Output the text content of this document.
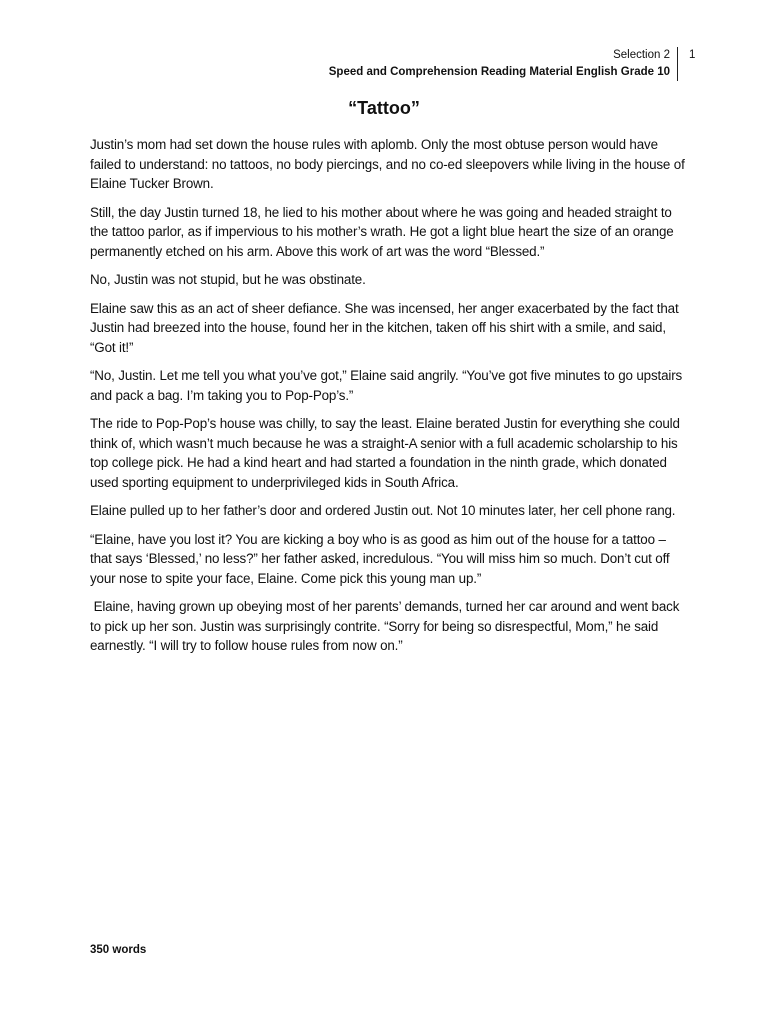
Selection 2
Speed and Comprehension Reading Material English Grade 10
1
“Tattoo”

Justin’s mom had set down the house rules with aplomb. Only the most obtuse person would have failed to understand: no tattoos, no body piercings, and no co-ed sleepovers while living in the house of Elaine Tucker Brown.

Still, the day Justin turned 18, he lied to his mother about where he was going and headed straight to the tattoo parlor, as if impervious to his mother’s wrath. He got a light blue heart the size of an orange permanently etched on his arm. Above this work of art was the word “Blessed.”

No, Justin was not stupid, but he was obstinate.

Elaine saw this as an act of sheer defiance. She was incensed, her anger exacerbated by the fact that Justin had breezed into the house, found her in the kitchen, taken off his shirt with a smile, and said, “Got it!”

“No, Justin. Let me tell you what you’ve got,” Elaine said angrily. “You’ve got five minutes to go upstairs and pack a bag. I’m taking you to Pop-Pop’s.”

The ride to Pop-Pop’s house was chilly, to say the least. Elaine berated Justin for everything she could think of, which wasn’t much because he was a straight-A senior with a full academic scholarship to his top college pick. He had a kind heart and had started a foundation in the ninth grade, which donated used sporting equipment to underprivileged kids in South Africa.

Elaine pulled up to her father’s door and ordered Justin out. Not 10 minutes later, her cell phone rang.

“Elaine, have you lost it? You are kicking a boy who is as good as him out of the house for a tattoo – that says ‘Blessed,’ no less?” her father asked, incredulous. “You will miss him so much. Don’t cut off your nose to spite your face, Elaine. Come pick this young man up.”

Elaine, having grown up obeying most of her parents’ demands, turned her car around and went back to pick up her son. Justin was surprisingly contrite. “Sorry for being so disrespectful, Mom,” he said earnestly. “I will try to follow house rules from now on.”

350 words
